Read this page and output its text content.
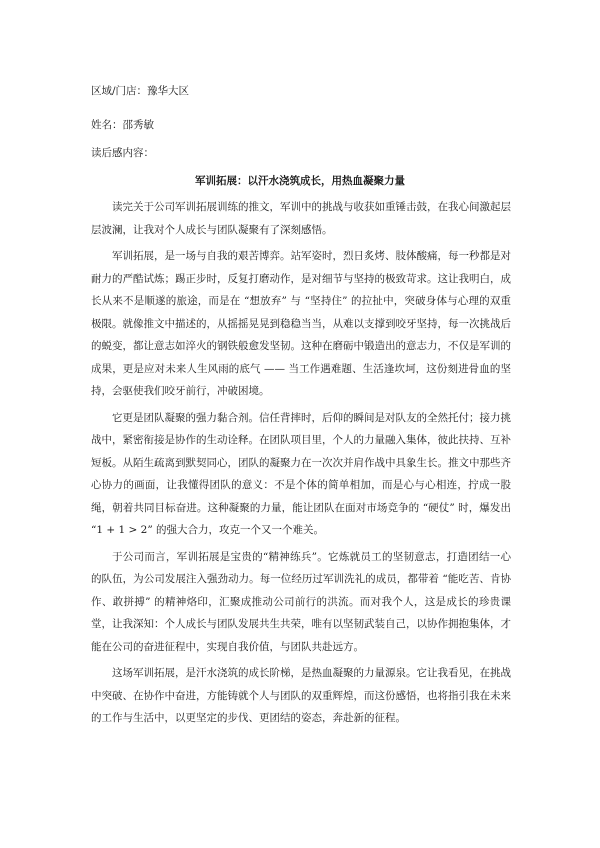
区域/门店：豫华大区
姓名：邵秀敏
读后感内容：
军训拓展：以汗水浇筑成长，用热血凝聚力量

读完关于公司军训拓展训练的推文，军训中的挑战与收获如重锤击鼓，在我心间激起层层波澜，让我对个人成长与团队凝聚有了深刻感悟。

军训拓展，是一场与自我的艰苦博弈。站军姿时，烈日炙烤、肢体酸痛，每一秒都是对耐力的严酷试炼；踢正步时，反复打磨动作，是对细节与坚持的极致苛求。这让我明白，成长从来不是顺遂的旅途，而是在 “想放弃” 与 “坚持住” 的拉扯中，突破身体与心理的双重极限。就像推文中描述的，从摇摇晃晃到稳稳当当，从难以支撑到咬牙坚持，每一次挑战后的蜕变，都让意志如淬火的钢铁般愈发坚韧。这种在磨砺中锻造出的意志力，不仅是军训的成果，更是应对未来人生风雨的底气 —— 当工作遇难题、生活逢坎坷，这份刻进骨血的坚持，会驱使我们咬牙前行，冲破困境。

它更是团队凝聚的强力黏合剂。信任背摔时，后仰的瞬间是对队友的全然托付；接力挑战中，紧密衔接是协作的生动诠释。在团队项目里，个人的力量融入集体，彼此扶持、互补短板。从陌生疏离到默契同心，团队的凝聚力在一次次并肩作战中具象生长。推文中那些齐心协力的画面，让我懂得团队的意义：不是个体的简单相加，而是心与心相连，拧成一股绳，朝着共同目标奋进。这种凝聚的力量，能让团队在面对市场竞争的 “硬仗” 时，爆发出 “1 + 1 > 2” 的强大合力，攻克一个又一个难关。

于公司而言，军训拓展是宝贵的“精神练兵”。它炼就员工的坚韧意志，打造团结一心的队伍，为公司发展注入强劲动力。每一位经历过军训洗礼的成员，都带着 “能吃苦、肯协作、敢拼搏” 的精神烙印，汇聚成推动公司前行的洪流。而对我个人，这是成长的珍贵课堂，让我深知：个人成长与团队发展共生共荣，唯有以坚韧武装自己，以协作拥抱集体，才能在公司的奋进征程中，实现自我价值，与团队共赴远方。

这场军训拓展，是汗水浇筑的成长阶梯，是热血凝聚的力量源泉。它让我看见，在挑战中突破、在协作中奋进，方能铸就个人与团队的双重辉煌，而这份感悟，也将指引我在未来的工作与生活中，以更坚定的步伐、更团结的姿态，奔赴新的征程。
